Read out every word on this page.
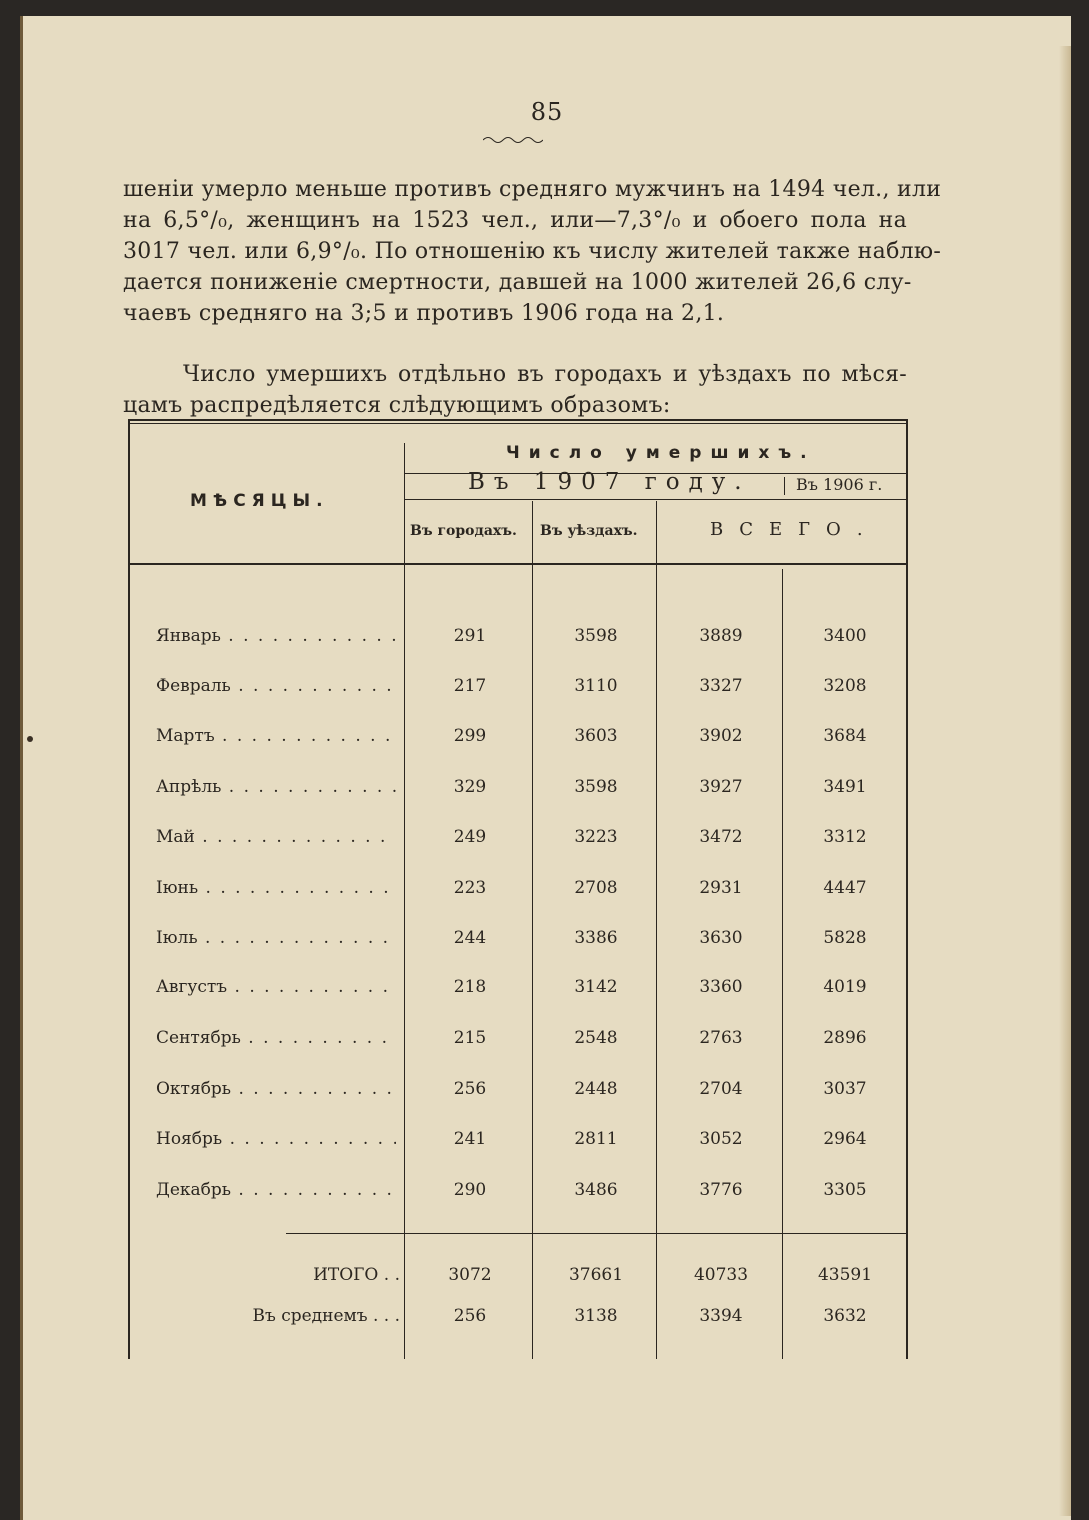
85
шенiи умерло меньше противъ средняго мужчинъ на 1494 чел., или
на 6,5°/₀, женщинъ на 1523 чел., или—7,3°/₀ и обоего пола на
3017 чел. или 6,9°/₀. По отношенiю къ числу жителей также наблю-
дается пониженiе смертности, давшей на 1000 жителей 26,6 слу-
чаевъ средняго на 3;5 и противъ 1906 года на 2,1.
Число умершихъ отдѣльно въ городахъ и уѣздахъ по мѣся-
цамъ распредѣляется слѣдующимъ образомъ:
МѢСЯЦЫ.
Число умершихъ.
Въ 1907 году.	Въ 1906 г.
Въ городахъ. Въ уѣздахъ.	ВСЕГО.
Январь . . .	291	3598	3889	3400
Февраль . . .	217	3110	3327	3208
Мартъ . . .	299	3603	3902	3684
Апрѣль . . .	329	3598	3927	3491
Май . . .	249	3223	3472	3312
Iюнь . . .	223	2708	2931	4447
Iюль . . .	244	3386	3630	5828
Августъ . . .	218	3142	3360	4019
Сентябрь . . .	215	2548	2763	2896
Октябрь . . .	256	2448	2704	3037
Ноябрь . . .	241	2811	3052	2964
Декабрь . . .	290	3486	3776	3305
ИТОГО . .	3072	37661	40733	43591
Въ среднемъ . . .	256	3138	3394	3632
